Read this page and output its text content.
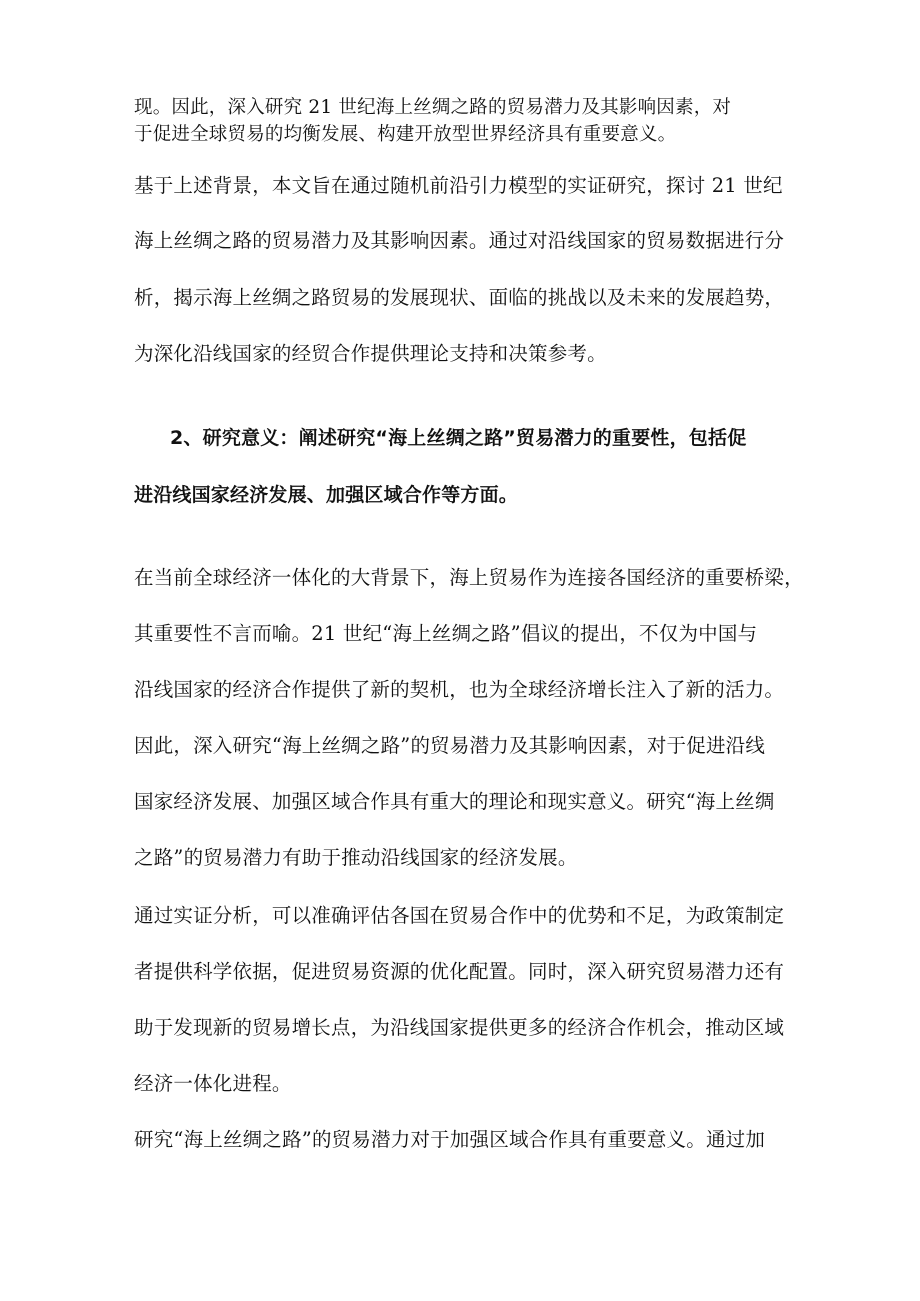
现。因此，深入研究 21 世纪海上丝绸之路的贸易潜力及其影响因素，对
于促进全球贸易的均衡发展、构建开放型世界经济具有重要意义。
基于上述背景，本文旨在通过随机前沿引力模型的实证研究，探讨 21 世纪
海上丝绸之路的贸易潜力及其影响因素。通过对沿线国家的贸易数据进行分
析，揭示海上丝绸之路贸易的发展现状、面临的挑战以及未来的发展趋势，
为深化沿线国家的经贸合作提供理论支持和决策参考。
2、研究意义：阐述研究“海上丝绸之路”贸易潜力的重要性，包括促
进沿线国家经济发展、加强区域合作等方面。
在当前全球经济一体化的大背景下，海上贸易作为连接各国经济的重要桥梁，
其重要性不言而喻。21 世纪“海上丝绸之路”倡议的提出，不仅为中国与
沿线国家的经济合作提供了新的契机，也为全球经济增长注入了新的活力。
因此，深入研究“海上丝绸之路”的贸易潜力及其影响因素，对于促进沿线
国家经济发展、加强区域合作具有重大的理论和现实意义。研究“海上丝绸
之路”的贸易潜力有助于推动沿线国家的经济发展。
通过实证分析，可以准确评估各国在贸易合作中的优势和不足，为政策制定
者提供科学依据，促进贸易资源的优化配置。同时，深入研究贸易潜力还有
助于发现新的贸易增长点，为沿线国家提供更多的经济合作机会，推动区域
经济一体化进程。
研究“海上丝绸之路”的贸易潜力对于加强区域合作具有重要意义。通过加
